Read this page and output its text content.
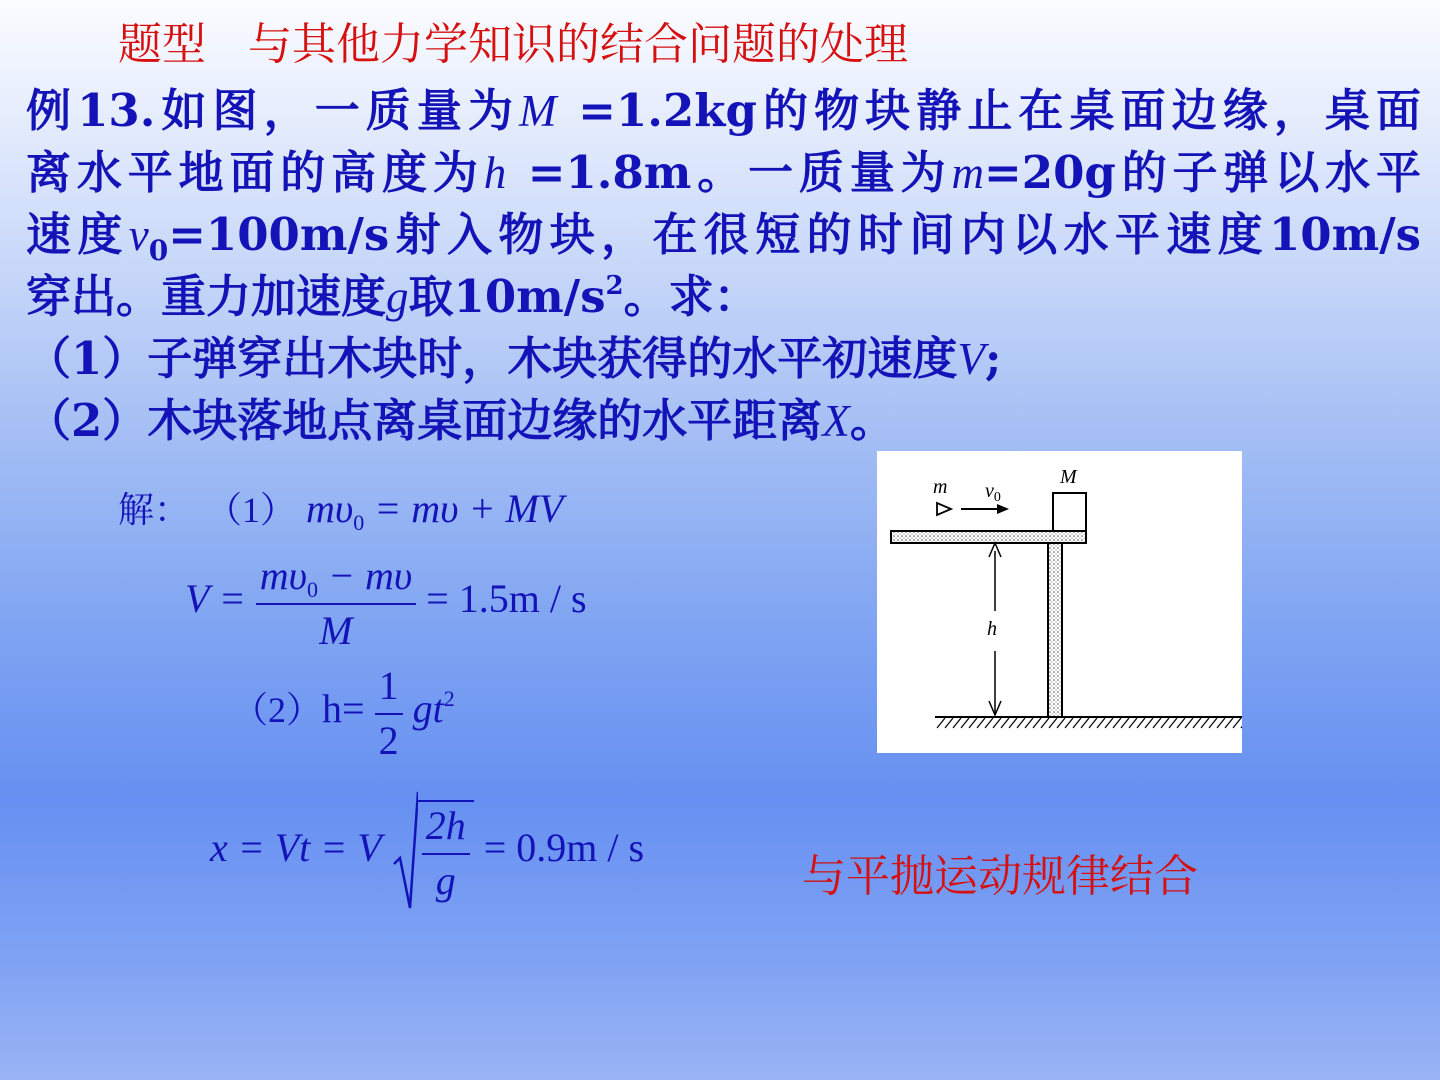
题型   与其他力学知识的结合问题的处理
例13.如图，一质量为M =1.2kg的物块静止在桌面边缘，桌面
离水平地面的高度为h =1.8m。一质量为m=20g的子弹以水平
速度$v_0=100m/s$射入物块，在很短的时间内以水平速度10m/s
穿出。重力加速度g取$10m/s^2$。求：
（1）子弹穿出木块时，木块获得的水平初速度V;
（2）木块落地点离桌面边缘的水平距离X。
解： （1） $m\upsilon_0 = m\upsilon$ + MV
$V = \frac{m\upsilon_0 - m\upsilon}{M} = 1.5m / s$
$(2)h= \frac{1}{2} gt^2$
x = Vt = V $\frac{2h}{g} = 0.9m / s$
m $v_0$
M
h

与平抛运动规律结合
